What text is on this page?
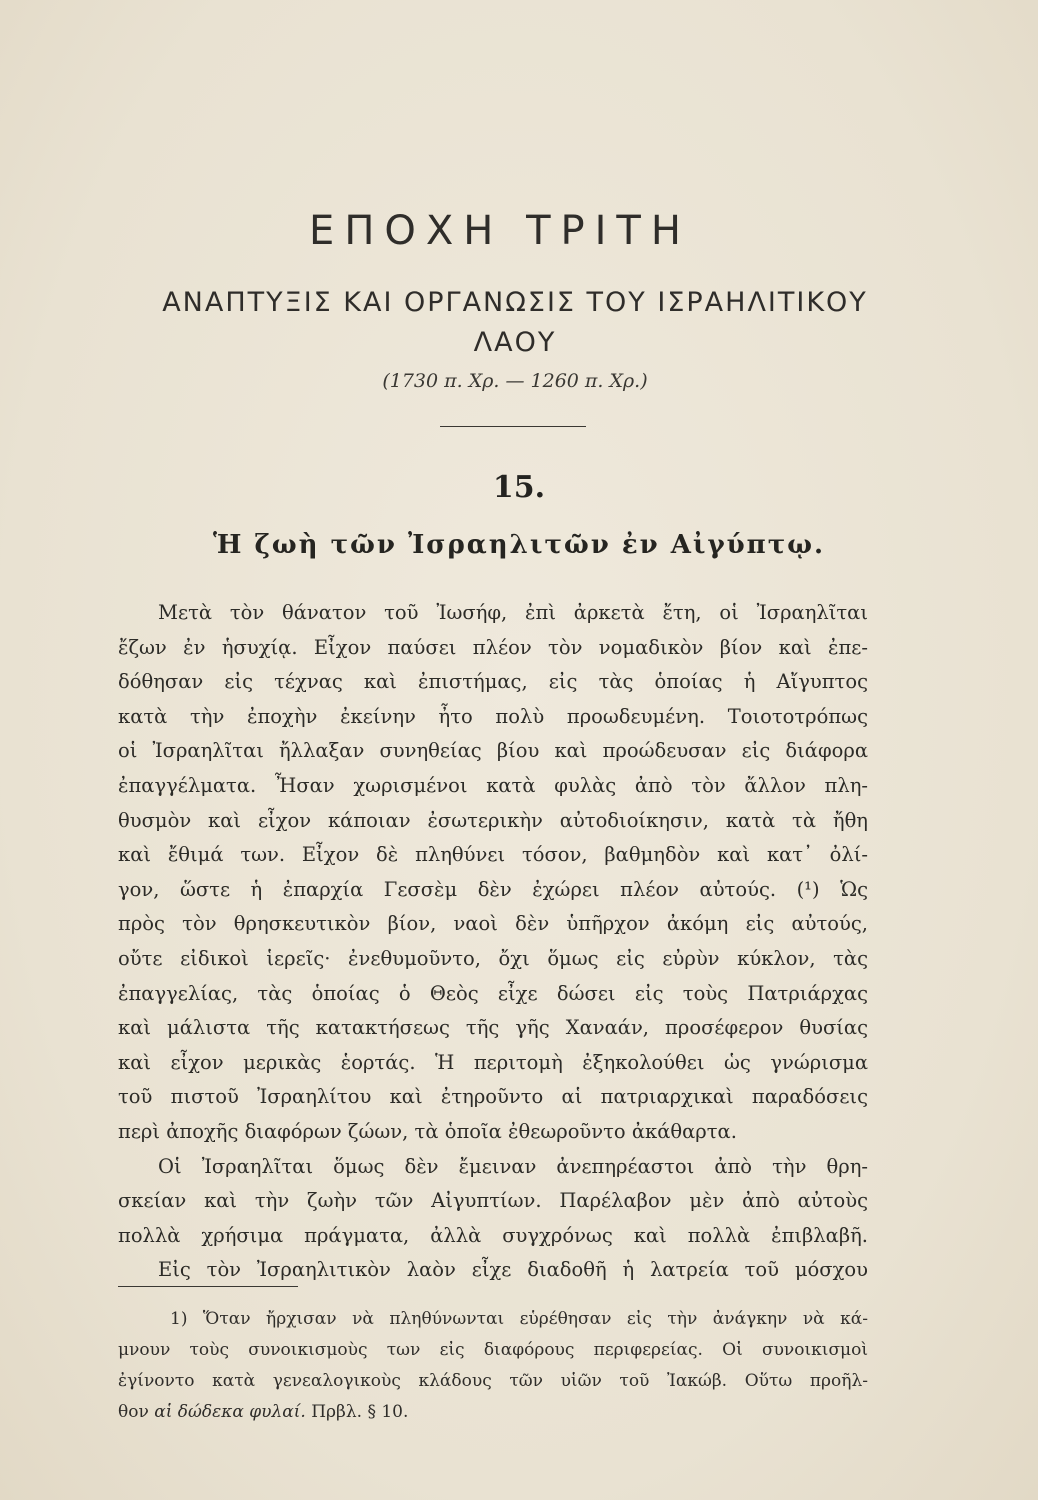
ΕΠΟΧΗ ΤΡΙΤΗ
ΑΝΑΠΤΥΞΙΣ ΚΑΙ ΟΡΓΑΝΩΣΙΣ ΤΟΥ ΙΣΡΑΗΛΙΤΙΚΟΥ
ΛΑΟΥ
(1730 π. Χρ. — 1260 π. Χρ.)
15.
Ἡ ζωὴ τῶν Ἰσραηλιτῶν ἐν Αἰγύπτῳ.

Μετὰ τὸν θάνατον τοῦ Ἰωσήφ, ἐπὶ ἀρκετὰ ἔτη, οἱ Ἰσραηλῖται

ἔζων ἐν ἡσυχίᾳ. Εἶχον παύσει πλέον τὸν νομαδικὸν βίον καὶ ἐπε-

δόθησαν εἰς τέχνας καὶ ἐπιστήμας, εἰς τὰς ὁποίας ἡ Αἴγυπτος

κατὰ τὴν ἐποχὴν ἐκείνην ἦτο πολὺ προωδευμένη. Τοιοτοτρόπως

οἱ Ἰσραηλῖται ἤλλαξαν συνηθείας βίου καὶ προώδευσαν εἰς διάφορα

ἐπαγγέλματα. Ἦσαν χωρισμένοι κατὰ φυλὰς ἀπὸ τὸν ἄλλον πλη-

θυσμὸν καὶ εἶχον κάποιαν ἐσωτερικὴν αὐτοδιοίκησιν, κατὰ τὰ ἤθη

καὶ ἔθιμά των. Εἶχον δὲ πληθύνει τόσον, βαθμηδὸν καὶ κατ᾽ ὀλί-

γον, ὥστε ἡ ἐπαρχία Γεσσὲμ δὲν ἐχώρει πλέον αὐτούς. (¹) Ὡς

πρὸς τὸν θρησκευτικὸν βίον, ναοὶ δὲν ὑπῆρχον ἀκόμη εἰς αὐτούς,

οὔτε εἰδικοὶ ἱερεῖς· ἐνεθυμοῦντο, ὄχι ὅμως εἰς εὐρὺν κύκλον, τὰς

ἐπαγγελίας, τὰς ὁποίας ὁ Θεὸς εἶχε δώσει εἰς τοὺς Πατριάρχας

καὶ μάλιστα τῆς κατακτήσεως τῆς γῆς Χαναάν, προσέφερον θυσίας

καὶ εἶχον μερικὰς ἑορτάς. Ἡ περιτομὴ ἐξηκολούθει ὡς γνώρισμα

τοῦ πιστοῦ Ἰσραηλίτου καὶ ἐτηροῦντο αἱ πατριαρχικαὶ παραδόσεις

περὶ ἀποχῆς διαφόρων ζώων, τὰ ὁποῖα ἐθεωροῦντο ἀκάθαρτα.

Οἱ Ἰσραηλῖται ὅμως δὲν ἔμειναν ἀνεπηρέαστοι ἀπὸ τὴν θρη-

σκείαν καὶ τὴν ζωὴν τῶν Αἰγυπτίων. Παρέλαβον μὲν ἀπὸ αὐτοὺς

πολλὰ χρήσιμα πράγματα, ἀλλὰ συγχρόνως καὶ πολλὰ ἐπιβλαβῆ.

Εἰς τὸν Ἰσραηλιτικὸν λαὸν εἶχε διαδοθῆ ἡ λατρεία τοῦ μόσχου

1) Ὅταν ἤρχισαν νὰ πληθύνωνται εὑρέθησαν εἰς τὴν ἀνάγκην νὰ κά-

μνουν τοὺς συνοικισμοὺς των εἰς διαφόρους περιφερείας. Οἱ συνοικισμοὶ

ἐγίνοντο κατὰ γενεαλογικοὺς κλάδους τῶν υἱῶν τοῦ Ἰακώβ. Οὕτω προῆλ-

θον αἱ δώδεκα φυλαί. Πρβλ. § 10.
